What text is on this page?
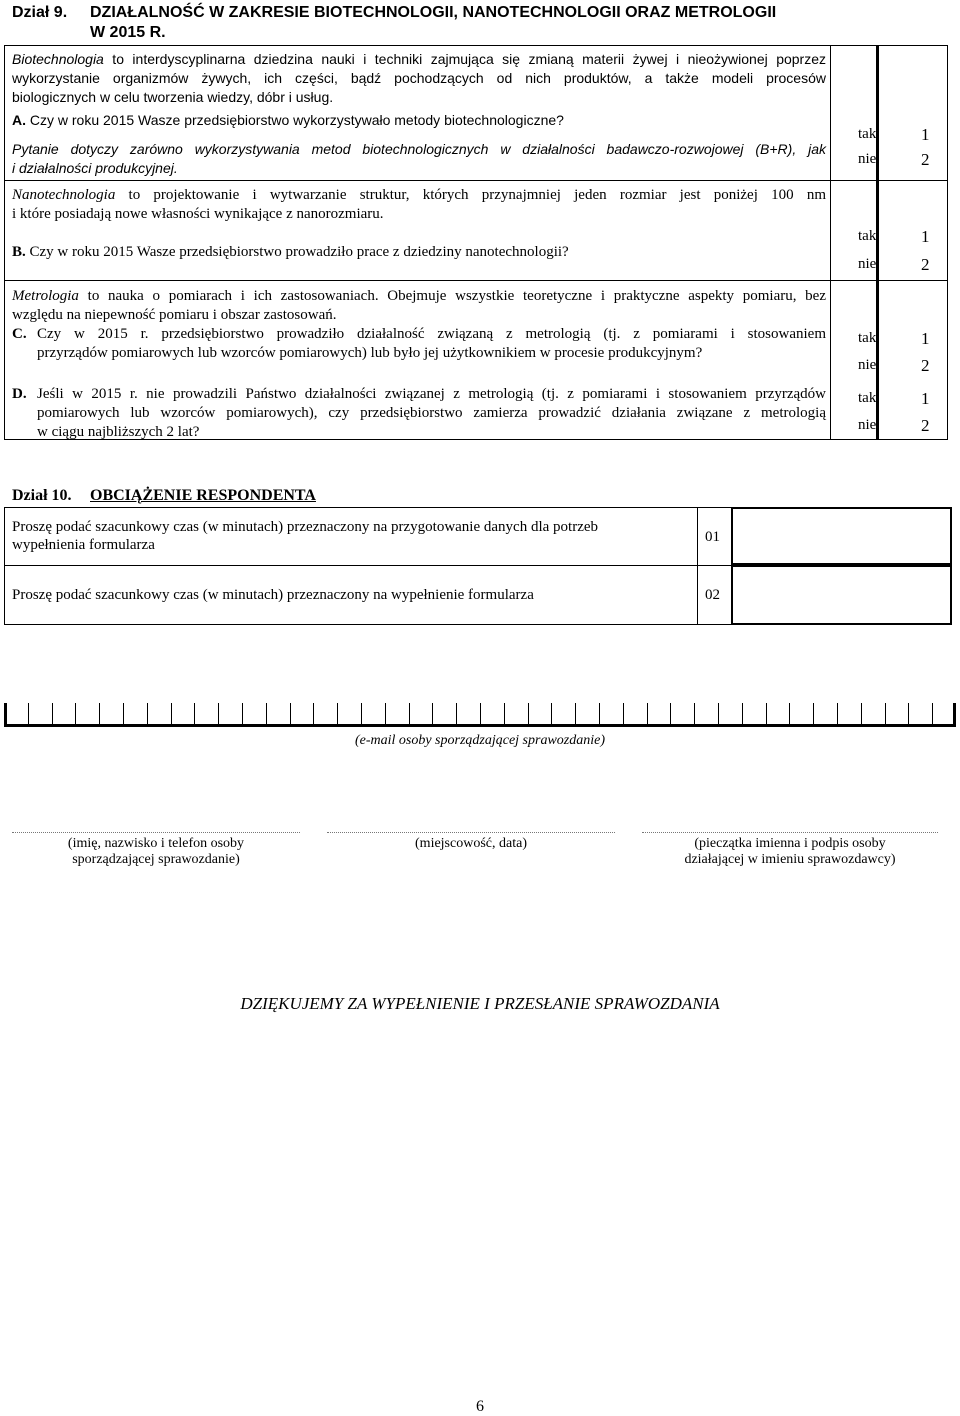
Dział 9. DZIAŁALNOŚĆ W ZAKRESIE BIOTECHNOLOGII, NANOTECHNOLOGII ORAZ METROLOGII
W 2015 R.
Biotechnologia to interdyscyplinarna dziedzina nauki i techniki zajmująca się zmianą materii żywej i nieożywionej poprzez
wykorzystanie organizmów żywych, ich części, bądź pochodzących od nich produktów, a także modeli procesów
biologicznych w celu tworzenia wiedzy, dóbr i usług.
A. Czy w roku 2015 Wasze przedsiębiorstwo wykorzystywało metody biotechnologiczne?
Pytanie dotyczy zarówno wykorzystywania metod biotechnologicznych w działalności badawczo-rozwojowej (B+R), jak
i działalności produkcyjnej.
tak	1
nie	2
Nanotechnologia to projektowanie i wytwarzanie struktur, których przynajmniej jeden rozmiar jest poniżej 100 nm
i które posiadają nowe własności wynikające z nanorozmiaru.
B. Czy w roku 2015 Wasze przedsiębiorstwo prowadziło prace z dziedziny nanotechnologii?
tak	1
nie	2
Metrologia to nauka o pomiarach i ich zastosowaniach. Obejmuje wszystkie teoretyczne i praktyczne aspekty pomiaru, bez
względu na niepewność pomiaru i obszar zastosowań.
C. Czy w 2015 r. przedsiębiorstwo prowadziło działalność związaną z metrologią (tj. z pomiarami i stosowaniem
przyrządów pomiarowych lub wzorców pomiarowych) lub było jej użytkownikiem w procesie produkcyjnym?
tak	1
nie	2
D. Jeśli w 2015 r. nie prowadzili Państwo działalności związanej z metrologią (tj. z pomiarami i stosowaniem przyrządów
pomiarowych lub wzorców pomiarowych), czy przedsiębiorstwo zamierza prowadzić działania związane z metrologią
w ciągu najbliższych 2 lat?
tak	1
nie	2
Dział 10. OBCIĄŻENIE RESPONDENTA
Proszę podać szacunkowy czas (w minutach) przeznaczony na przygotowanie danych dla potrzeb
wypełnienia formularza	01
Proszę podać szacunkowy czas (w minutach) przeznaczony na wypełnienie formularza	02
(e-mail osoby sporządzającej sprawozdanie)
(imię, nazwisko i telefon osoby
sporządzającej sprawozdanie)
(miejscowość, data)	(pieczątka imienna i podpis osoby
działającej w imieniu sprawozdawcy)
DZIĘKUJEMY ZA WYPEŁNIENIE I PRZESŁANIE SPRAWOZDANIA
6
